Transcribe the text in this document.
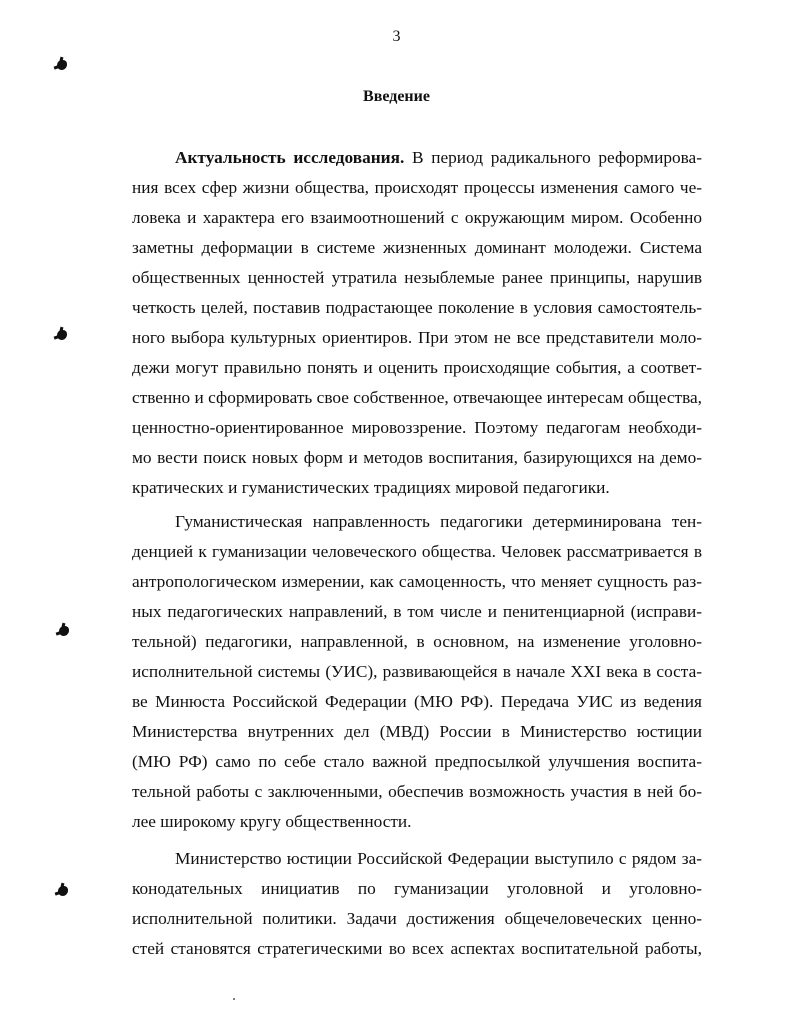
3
Введение
Актуальность исследования. В период радикального реформирова-
ния всех сфер жизни общества, происходят процессы изменения самого че-
ловека и характера его взаимоотношений с окружающим миром. Особенно
заметны деформации в системе жизненных доминант молодежи. Система
общественных ценностей утратила незыблемые ранее принципы, нарушив
четкость целей, поставив подрастающее поколение в условия самостоятель-
ного выбора культурных ориентиров. При этом не все представители моло-
дежи могут правильно понять и оценить происходящие события, а соответ-
ственно и сформировать свое собственное, отвечающее интересам общества,
ценностно-ориентированное мировоззрение. Поэтому педагогам необходи-
мо вести поиск новых форм и методов воспитания, базирующихся на демо-
кратических и гуманистических традициях мировой педагогики.
Гуманистическая направленность педагогики детерминирована тен-
денцией к гуманизации человеческого общества. Человек рассматривается в
антропологическом измерении, как самоценность, что меняет сущность раз-
ных педагогических направлений, в том числе и пенитенциарной (исправи-
тельной) педагогики, направленной, в основном, на изменение уголовно-
исполнительной системы (УИС), развивающейся в начале XXI века в соста-
ве Минюста Российской Федерации (МЮ РФ). Передача УИС из ведения
Министерства внутренних дел (МВД) России в Министерство юстиции
(МЮ РФ) само по себе стало важной предпосылкой улучшения воспита-
тельной работы с заключенными, обеспечив возможность участия в ней бо-
лее широкому кругу общественности.
Министерство юстиции Российской Федерации выступило с рядом за-
конодательных инициатив по гуманизации уголовной и уголовно-
исполнительной политики. Задачи достижения общечеловеческих ценно-
стей становятся стратегическими во всех аспектах воспитательной работы,
